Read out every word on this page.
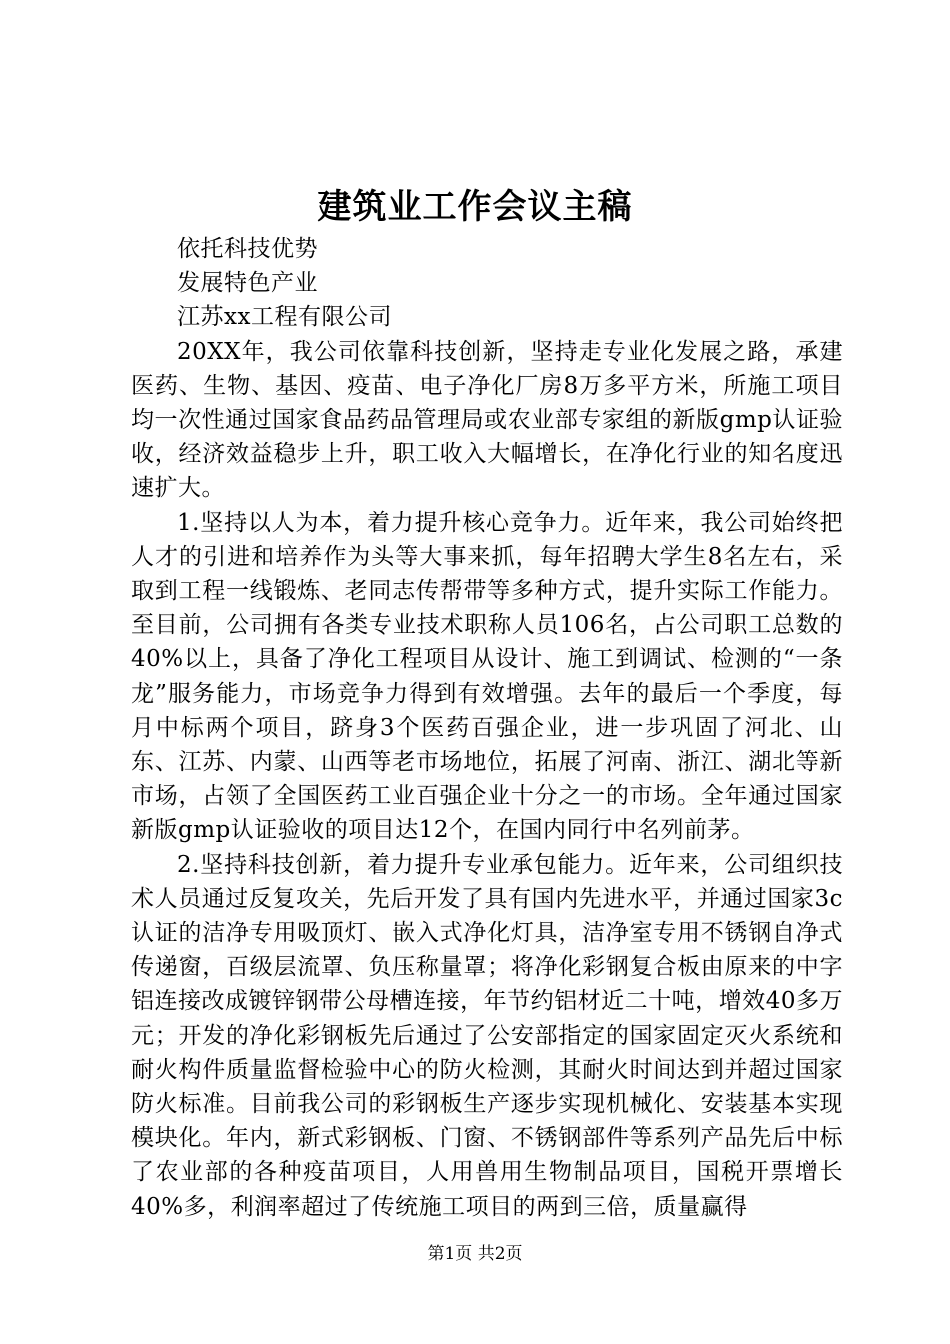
建筑业工作会议主稿

依托科技优势

发展特色产业

江苏xx工程有限公司

20XX年，我公司依靠科技创新，坚持走专业化发展之路，承建医药、生物、基因、疫苗、电子净化厂房8万多平方米，所施工项目均一次性通过国家食品药品管理局或农业部专家组的新版gmp认证验收，经济效益稳步上升，职工收入大幅增长，在净化行业的知名度迅速扩大。

1.坚持以人为本，着力提升核心竞争力。近年来，我公司始终把人才的引进和培养作为头等大事来抓，每年招聘大学生8名左右，采取到工程一线锻炼、老同志传帮带等多种方式，提升实际工作能力。至目前，公司拥有各类专业技术职称人员106名，占公司职工总数的40%以上，具备了净化工程项目从设计、施工到调试、检测的“一条龙”服务能力，市场竞争力得到有效增强。去年的最后一个季度，每月中标两个项目，跻身3个医药百强企业，进一步巩固了河北、山东、江苏、内蒙、山西等老市场地位，拓展了河南、浙江、湖北等新市场，占领了全国医药工业百强企业十分之一的市场。全年通过国家新版gmp认证验收的项目达12个，在国内同行中名列前茅。

2.坚持科技创新，着力提升专业承包能力。近年来，公司组织技术人员通过反复攻关，先后开发了具有国内先进水平，并通过国家3c认证的洁净专用吸顶灯、嵌入式净化灯具，洁净室专用不锈钢自净式传递窗，百级层流罩、负压称量罩；将净化彩钢复合板由原来的中字铝连接改成镀锌钢带公母槽连接，年节约铝材近二十吨，增效40多万元；开发的净化彩钢板先后通过了公安部指定的国家固定灭火系统和耐火构件质量监督检验中心的防火检测，其耐火时间达到并超过国家防火标准。目前我公司的彩钢板生产逐步实现机械化、安装基本实现模块化。年内，新式彩钢板、门窗、不锈钢部件等系列产品先后中标了农业部的各种疫苗项目，人用兽用生物制品项目，国税开票增长40%多，利润率超过了传统施工项目的两到三倍，质量赢得

第1页 共2页
